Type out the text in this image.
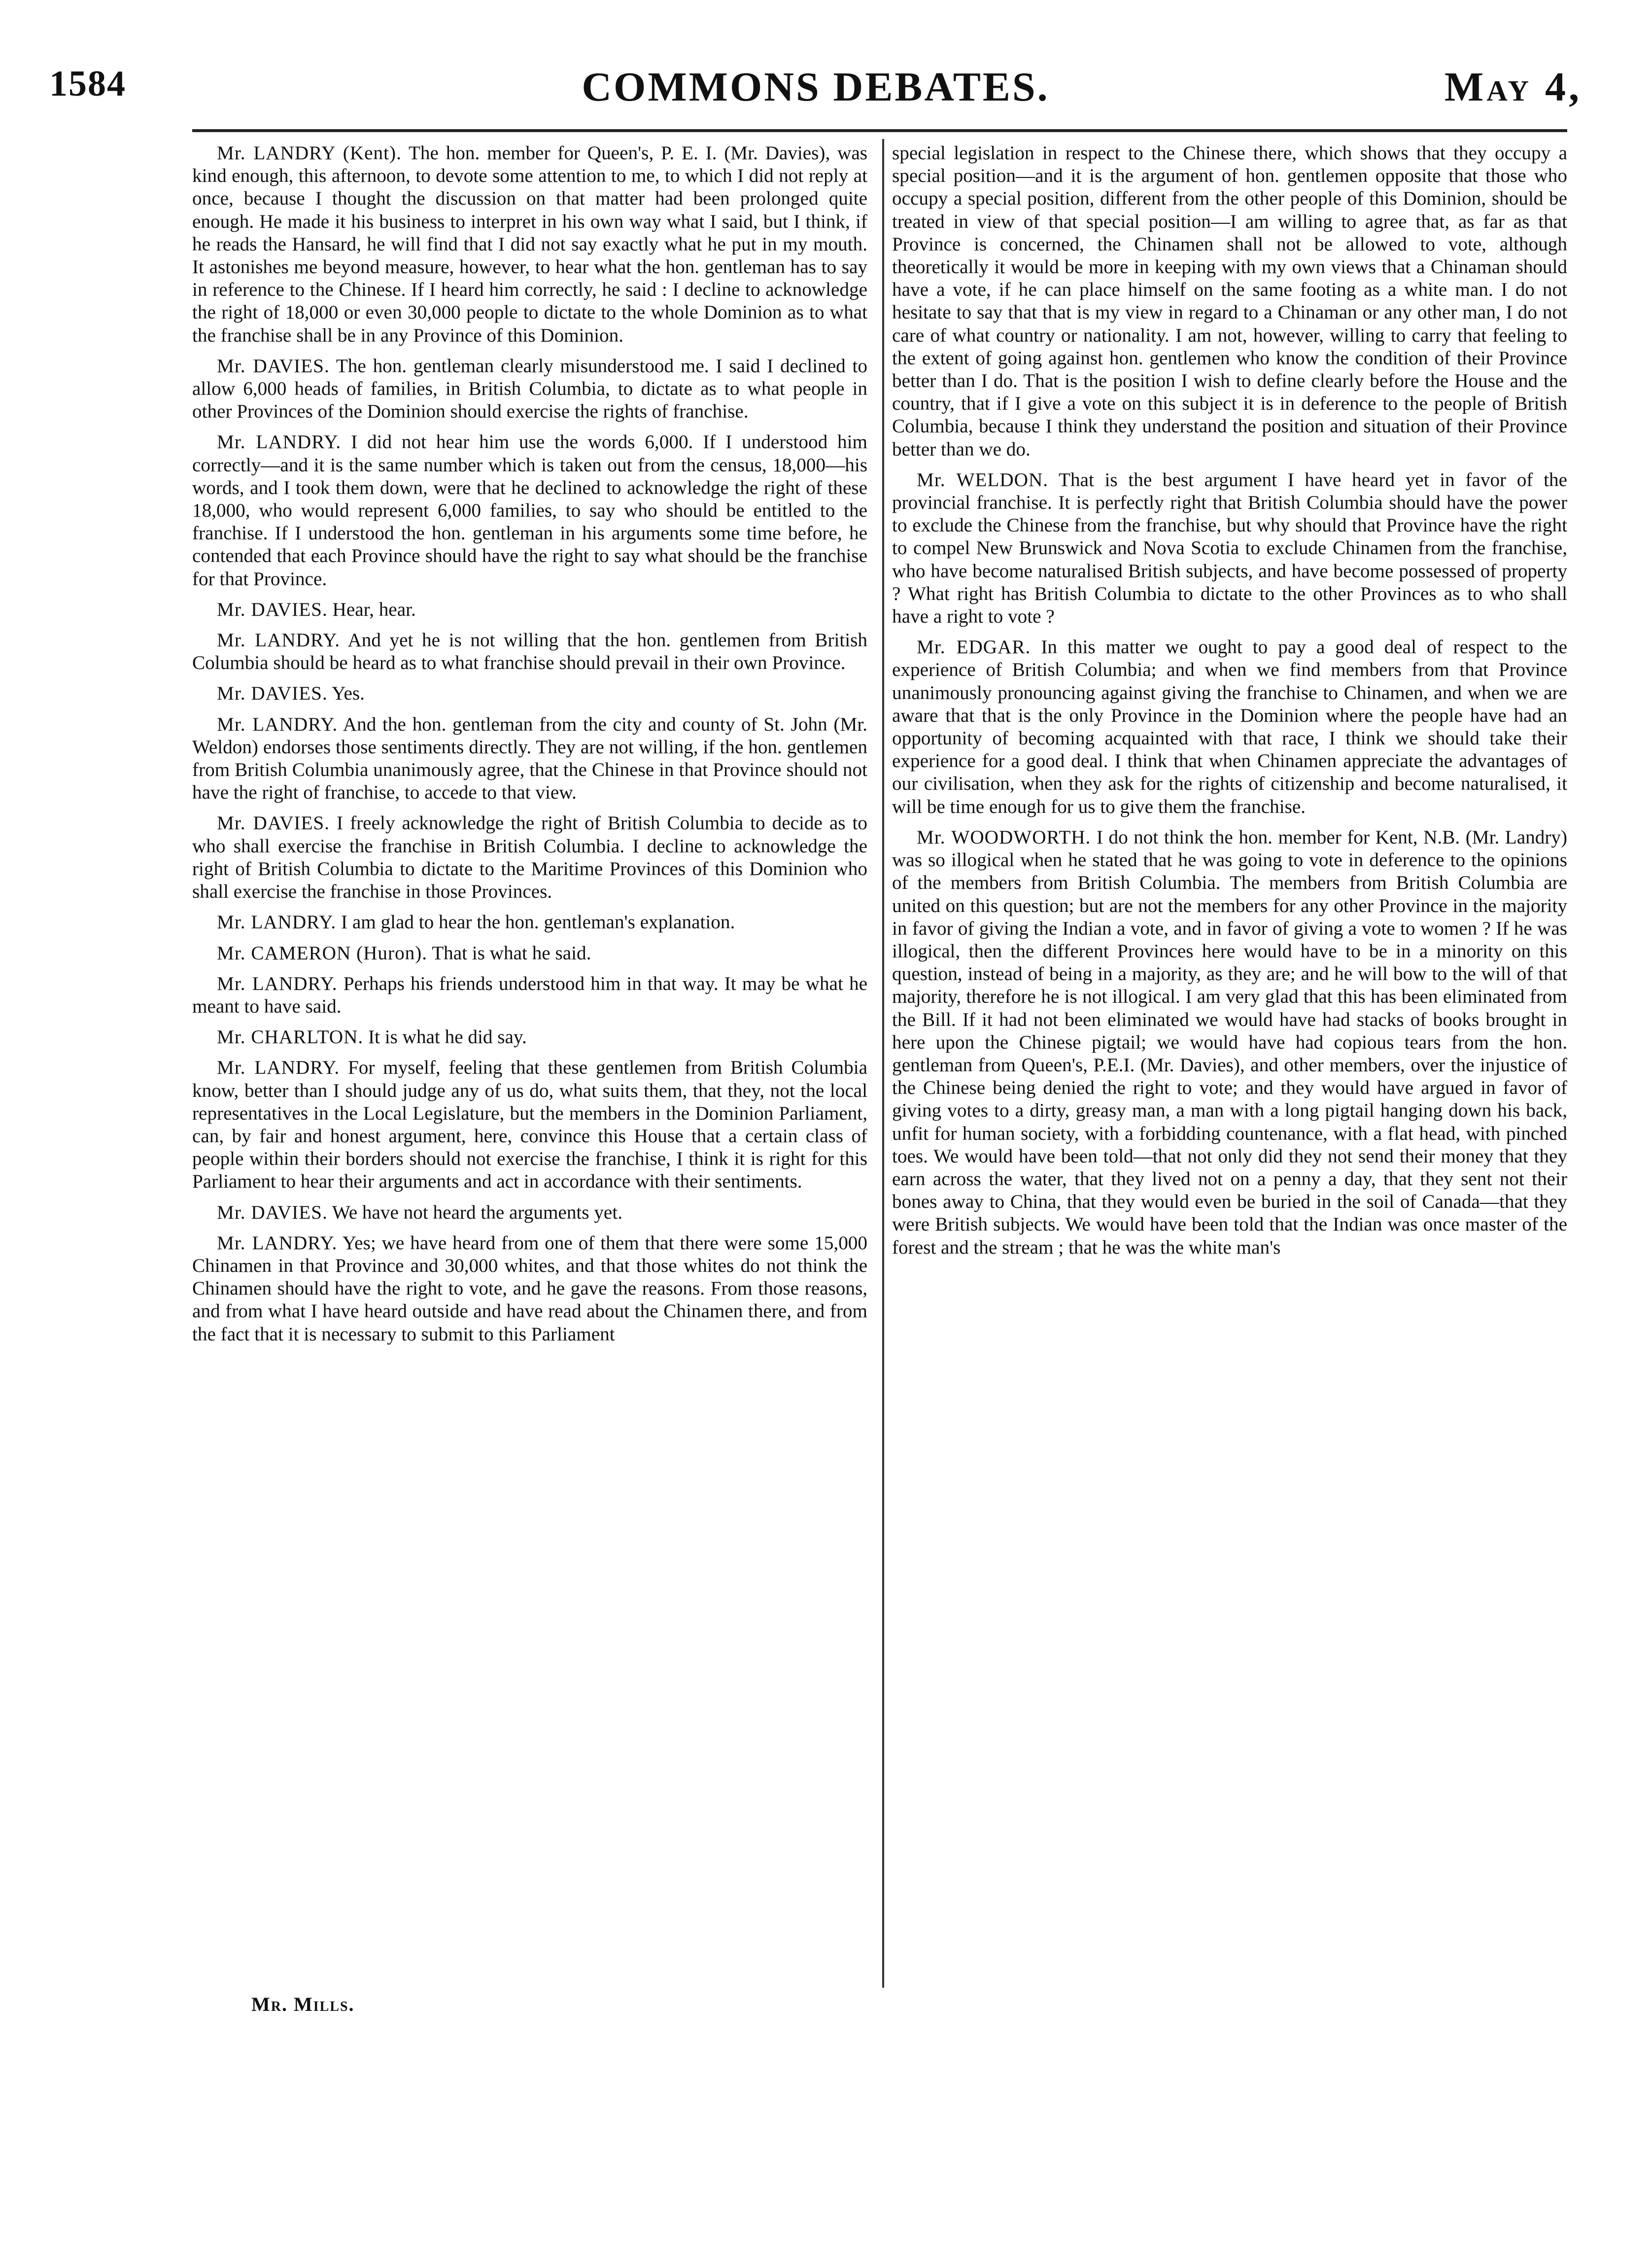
1584	COMMONS DEBATES.	May 4,

Mr. LANDRY (Kent). The hon. member for Queen's, P. E. I. (Mr. Davies), was kind enough, this afternoon, to devote some attention to me, to which I did not reply at once, because I thought the discussion on that matter had been prolonged quite enough. He made it his business to interpret in his own way what I said, but I think, if he reads the Hansard, he will find that I did not say exactly what he put in my mouth. It astonishes me beyond measure, however, to hear what the hon. gentleman has to say in reference to the Chinese. If I heard him correctly, he said : I decline to acknowledge the right of 18,000 or even 30,000 people to dictate to the whole Dominion as to what the franchise shall be in any Province of this Dominion.

Mr. DAVIES. The hon. gentleman clearly misunderstood me. I said I declined to allow 6,000 heads of families, in British Columbia, to dictate as to what people in other Provinces of the Dominion should exercise the rights of franchise.

Mr. LANDRY. I did not hear him use the words 6,000. If I understood him correctly—and it is the same number which is taken out from the census, 18,000—his words, and I took them down, were that he declined to acknowledge the right of these 18,000, who would represent 6,000 families, to say who should be entitled to the franchise. If I understood the hon. gentleman in his arguments some time before, he contended that each Province should have the right to say what should be the franchise for that Province.

Mr. DAVIES. Hear, hear.

Mr. LANDRY. And yet he is not willing that the hon. gentlemen from British Columbia should be heard as to what franchise should prevail in their own Province.

Mr. DAVIES. Yes.

Mr. LANDRY. And the hon. gentleman from the city and county of St. John (Mr. Weldon) endorses those sentiments directly. They are not willing, if the hon. gentlemen from British Columbia unanimously agree, that the Chinese in that Province should not have the right of franchise, to accede to that view.

Mr. DAVIES. I freely acknowledge the right of British Columbia to decide as to who shall exercise the franchise in British Columbia. I decline to acknowledge the right of British Columbia to dictate to the Maritime Provinces of this Dominion who shall exercise the franchise in those Provinces.

Mr. LANDRY. I am glad to hear the hon. gentleman's explanation.

Mr. CAMERON (Huron). That is what he said.

Mr. LANDRY. Perhaps his friends understood him in that way. It may be what he meant to have said.

Mr. CHARLTON. It is what he did say.

Mr. LANDRY. For myself, feeling that these gentlemen from British Columbia know, better than I should judge any of us do, what suits them, that they, not the local representatives in the Local Legislature, but the members in the Dominion Parliament, can, by fair and honest argument, here, convince this House that a certain class of people within their borders should not exercise the franchise, I think it is right for this Parliament to hear their arguments and act in accordance with their sentiments.

Mr. DAVIES. We have not heard the arguments yet.

Mr. LANDRY. Yes; we have heard from one of them that there were some 15,000 Chinamen in that Province and 30,000 whites, and that those whites do not think the Chinamen should have the right to vote, and he gave the reasons. From those reasons, and from what I have heard outside and have read about the Chinamen there, and from the fact that it is necessary to submit to this Parliament

special legislation in respect to the Chinese there, which shows that they occupy a special position—and it is the argument of hon. gentlemen opposite that those who occupy a special position, different from the other people of this Dominion, should be treated in view of that special position—I am willing to agree that, as far as that Province is concerned, the Chinamen shall not be allowed to vote, although theoretically it would be more in keeping with my own views that a Chinaman should have a vote, if he can place himself on the same footing as a white man. I do not hesitate to say that that is my view in regard to a Chinaman or any other man, I do not care of what country or nationality. I am not, however, willing to carry that feeling to the extent of going against hon. gentlemen who know the condition of their Province better than I do. That is the position I wish to define clearly before the House and the country, that if I give a vote on this subject it is in deference to the people of British Columbia, because I think they understand the position and situation of their Province better than we do.

Mr. WELDON. That is the best argument I have heard yet in favor of the provincial franchise. It is perfectly right that British Columbia should have the power to exclude the Chinese from the franchise, but why should that Province have the right to compel New Brunswick and Nova Scotia to exclude Chinamen from the franchise, who have become naturalised British subjects, and have become possessed of property ? What right has British Columbia to dictate to the other Provinces as to who shall have a right to vote ?

Mr. EDGAR. In this matter we ought to pay a good deal of respect to the experience of British Columbia; and when we find members from that Province unanimously pronouncing against giving the franchise to Chinamen, and when we are aware that that is the only Province in the Dominion where the people have had an opportunity of becoming acquainted with that race, I think we should take their experience for a good deal. I think that when Chinamen appreciate the advantages of our civilisation, when they ask for the rights of citizenship and become naturalised, it will be time enough for us to give them the franchise.

Mr. WOODWORTH. I do not think the hon. member for Kent, N.B. (Mr. Landry) was so illogical when he stated that he was going to vote in deference to the opinions of the members from British Columbia. The members from British Columbia are united on this question; but are not the members for any other Province in the majority in favor of giving the Indian a vote, and in favor of giving a vote to women ? If he was illogical, then the different Provinces here would have to be in a minority on this question, instead of being in a majority, as they are; and he will bow to the will of that majority, therefore he is not illogical. I am very glad that this has been eliminated from the Bill. If it had not been eliminated we would have had stacks of books brought in here upon the Chinese pigtail; we would have had copious tears from the hon. gentleman from Queen's, P.E.I. (Mr. Davies), and other members, over the injustice of the Chinese being denied the right to vote; and they would have argued in favor of giving votes to a dirty, greasy man, a man with a long pigtail hanging down his back, unfit for human society, with a forbidding countenance, with a flat head, with pinched toes. We would have been told—that not only did they not send their money that they earn across the water, that they lived not on a penny a day, that they sent not their bones away to China, that they would even be buried in the soil of Canada—that they were British subjects. We would have been told that the Indian was once master of the forest and the stream ; that he was the white man's

Mr. Mills.
